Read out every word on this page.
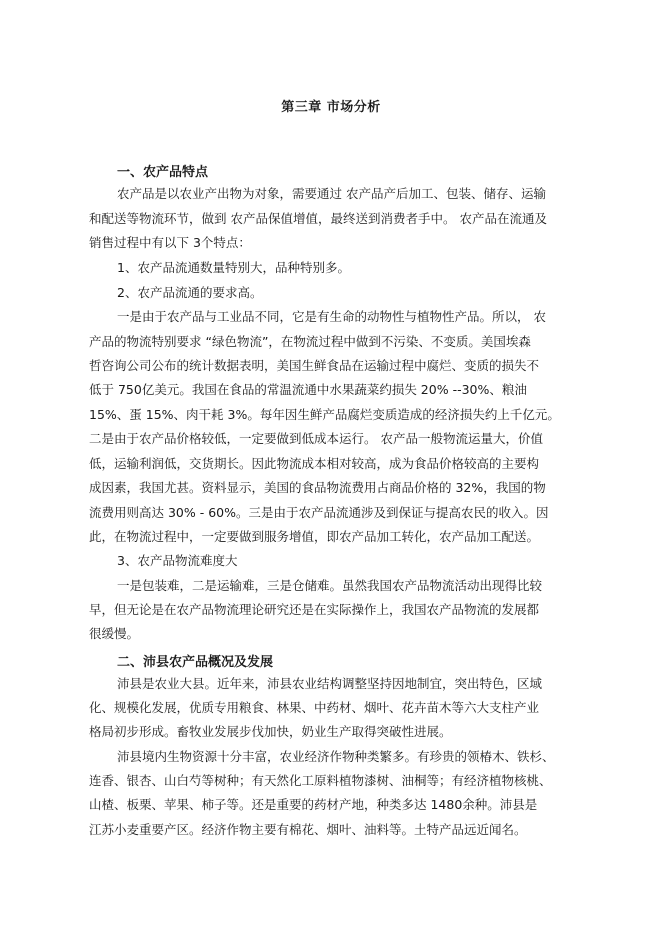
第三章 市场分析
一、农产品特点
农产品是以农业产出物为对象，需要通过 农产品产后加工、包装、储存、运输
和配送等物流环节，做到 农产品保值增值，最终送到消费者手中。 农产品在流通及
销售过程中有以下 3个特点：
1、农产品流通数量特别大，品种特别多。
2、农产品流通的要求高。
一是由于农产品与工业品不同，它是有生命的动物性与植物性产品。所以， 农
产品的物流特别要求 “绿色物流”，在物流过程中做到不污染、不变质。美国埃森
哲咨询公司公布的统计数据表明，美国生鲜食品在运输过程中腐烂、变质的损失不
低于 750亿美元。我国在食品的常温流通中水果蔬菜约损失 20% --30%、粮油
15%、蛋 15%、肉干耗 3%。每年因生鲜产品腐烂变质造成的经济损失约上千亿元。
二是由于农产品价格较低，一定要做到低成本运行。 农产品一般物流运量大，价值
低，运输利润低，交货期长。因此物流成本相对较高，成为食品价格较高的主要构
成因素，我国尤甚。资料显示，美国的食品物流费用占商品价格的 32%，我国的物
流费用则高达 30% - 60%。三是由于农产品流通涉及到保证与提高农民的收入。因
此，在物流过程中，一定要做到服务增值，即农产品加工转化，农产品加工配送。
3、农产品物流难度大
一是包装难，二是运输难，三是仓储难。虽然我国农产品物流活动出现得比较
早，但无论是在农产品物流理论研究还是在实际操作上，我国农产品物流的发展都
很缓慢。
二、沛县农产品概况及发展
沛县是农业大县。近年来，沛县农业结构调整坚持因地制宜，突出特色，区域
化、规模化发展，优质专用粮食、林果、中药材、烟叶、花卉苗木等六大支柱产业
格局初步形成。畜牧业发展步伐加快，奶业生产取得突破性进展。
沛县境内生物资源十分丰富，农业经济作物种类繁多。有珍贵的领椿木、铁杉、
连香、银杏、山白芍等树种；有天然化工原料植物漆树、油桐等；有经济植物核桃、
山楂、板栗、苹果、柿子等。还是重要的药材产地，种类多达 1480余种。沛县是
江苏小麦重要产区。经济作物主要有棉花、烟叶、油料等。土特产品远近闻名。
